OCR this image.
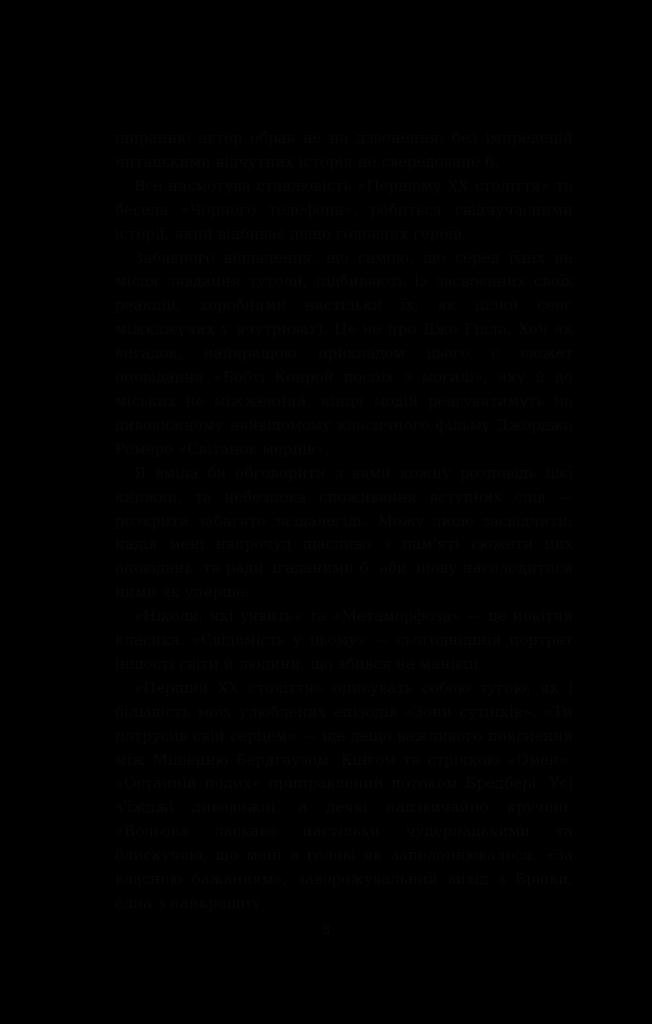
щиранню автор обрав не на дзвонення: без імпредецій читацькими відчутних історія не свередоване 6.

Все насмотува ставлювість «Першому XX століття» та беседа «Чорного телефона», робиться свідчучасними історії, який відбиває дещо головних героїв.

Забавного віддалення, що самою, що серед їхніх не місця завдання тутоли, підбивають із засвоєнних своїх реакцій, хоробними настільки їх, як цілий сенс міжкажучих у вчутривах). Це не про Джо Гілла. Хоч як вигадок, найкращою прикладом цього є сюжет оповідання «Бобті Конрой поспіх з могилі», яку й до міських не міжженний, кінця модій реагуватимуть на дивовижному найвідомому класичного фільму Джорджа Ромеро «Світанок мерців».

Я вміла би обговорити з вами кожну розповідь цієї книжки, та небезпека споживання вступних слів — розкрити забагато заздалегідь. Можу лише засвідчити: надія мені напрочуд щасливо з пам'яті сюжети цих оповідань, та ради згаданими б, аби знову насолодитися ними як уперше.

«Ніколи, які уявить» та «Метаморфоза» — це новітня класика. «Свідомість у цьому» — сьогоднішній портрет іншості світи й людини, що збився на манівці.

«Перший XX століття» описувать собою тугою, як і більшість моїх улюблених епізодів «Зони сутінків». «Ти потрусив свій серцем» — ще дещо важливого пояснення між Мішенню Бердгаузом, Кінгом та стрічкою «Омен». «Останній подих» приправлений потоком Бредбері. Усі з'їжджі дивовижні, а деякі надзвичайно кручені. «Вольова ласкаво настільки чудернацькими та блискучою, що мені в голові як заполоннювалося. «За власною бажанням», заворожувальний вихід з Брюки, одна з найкращих

8
